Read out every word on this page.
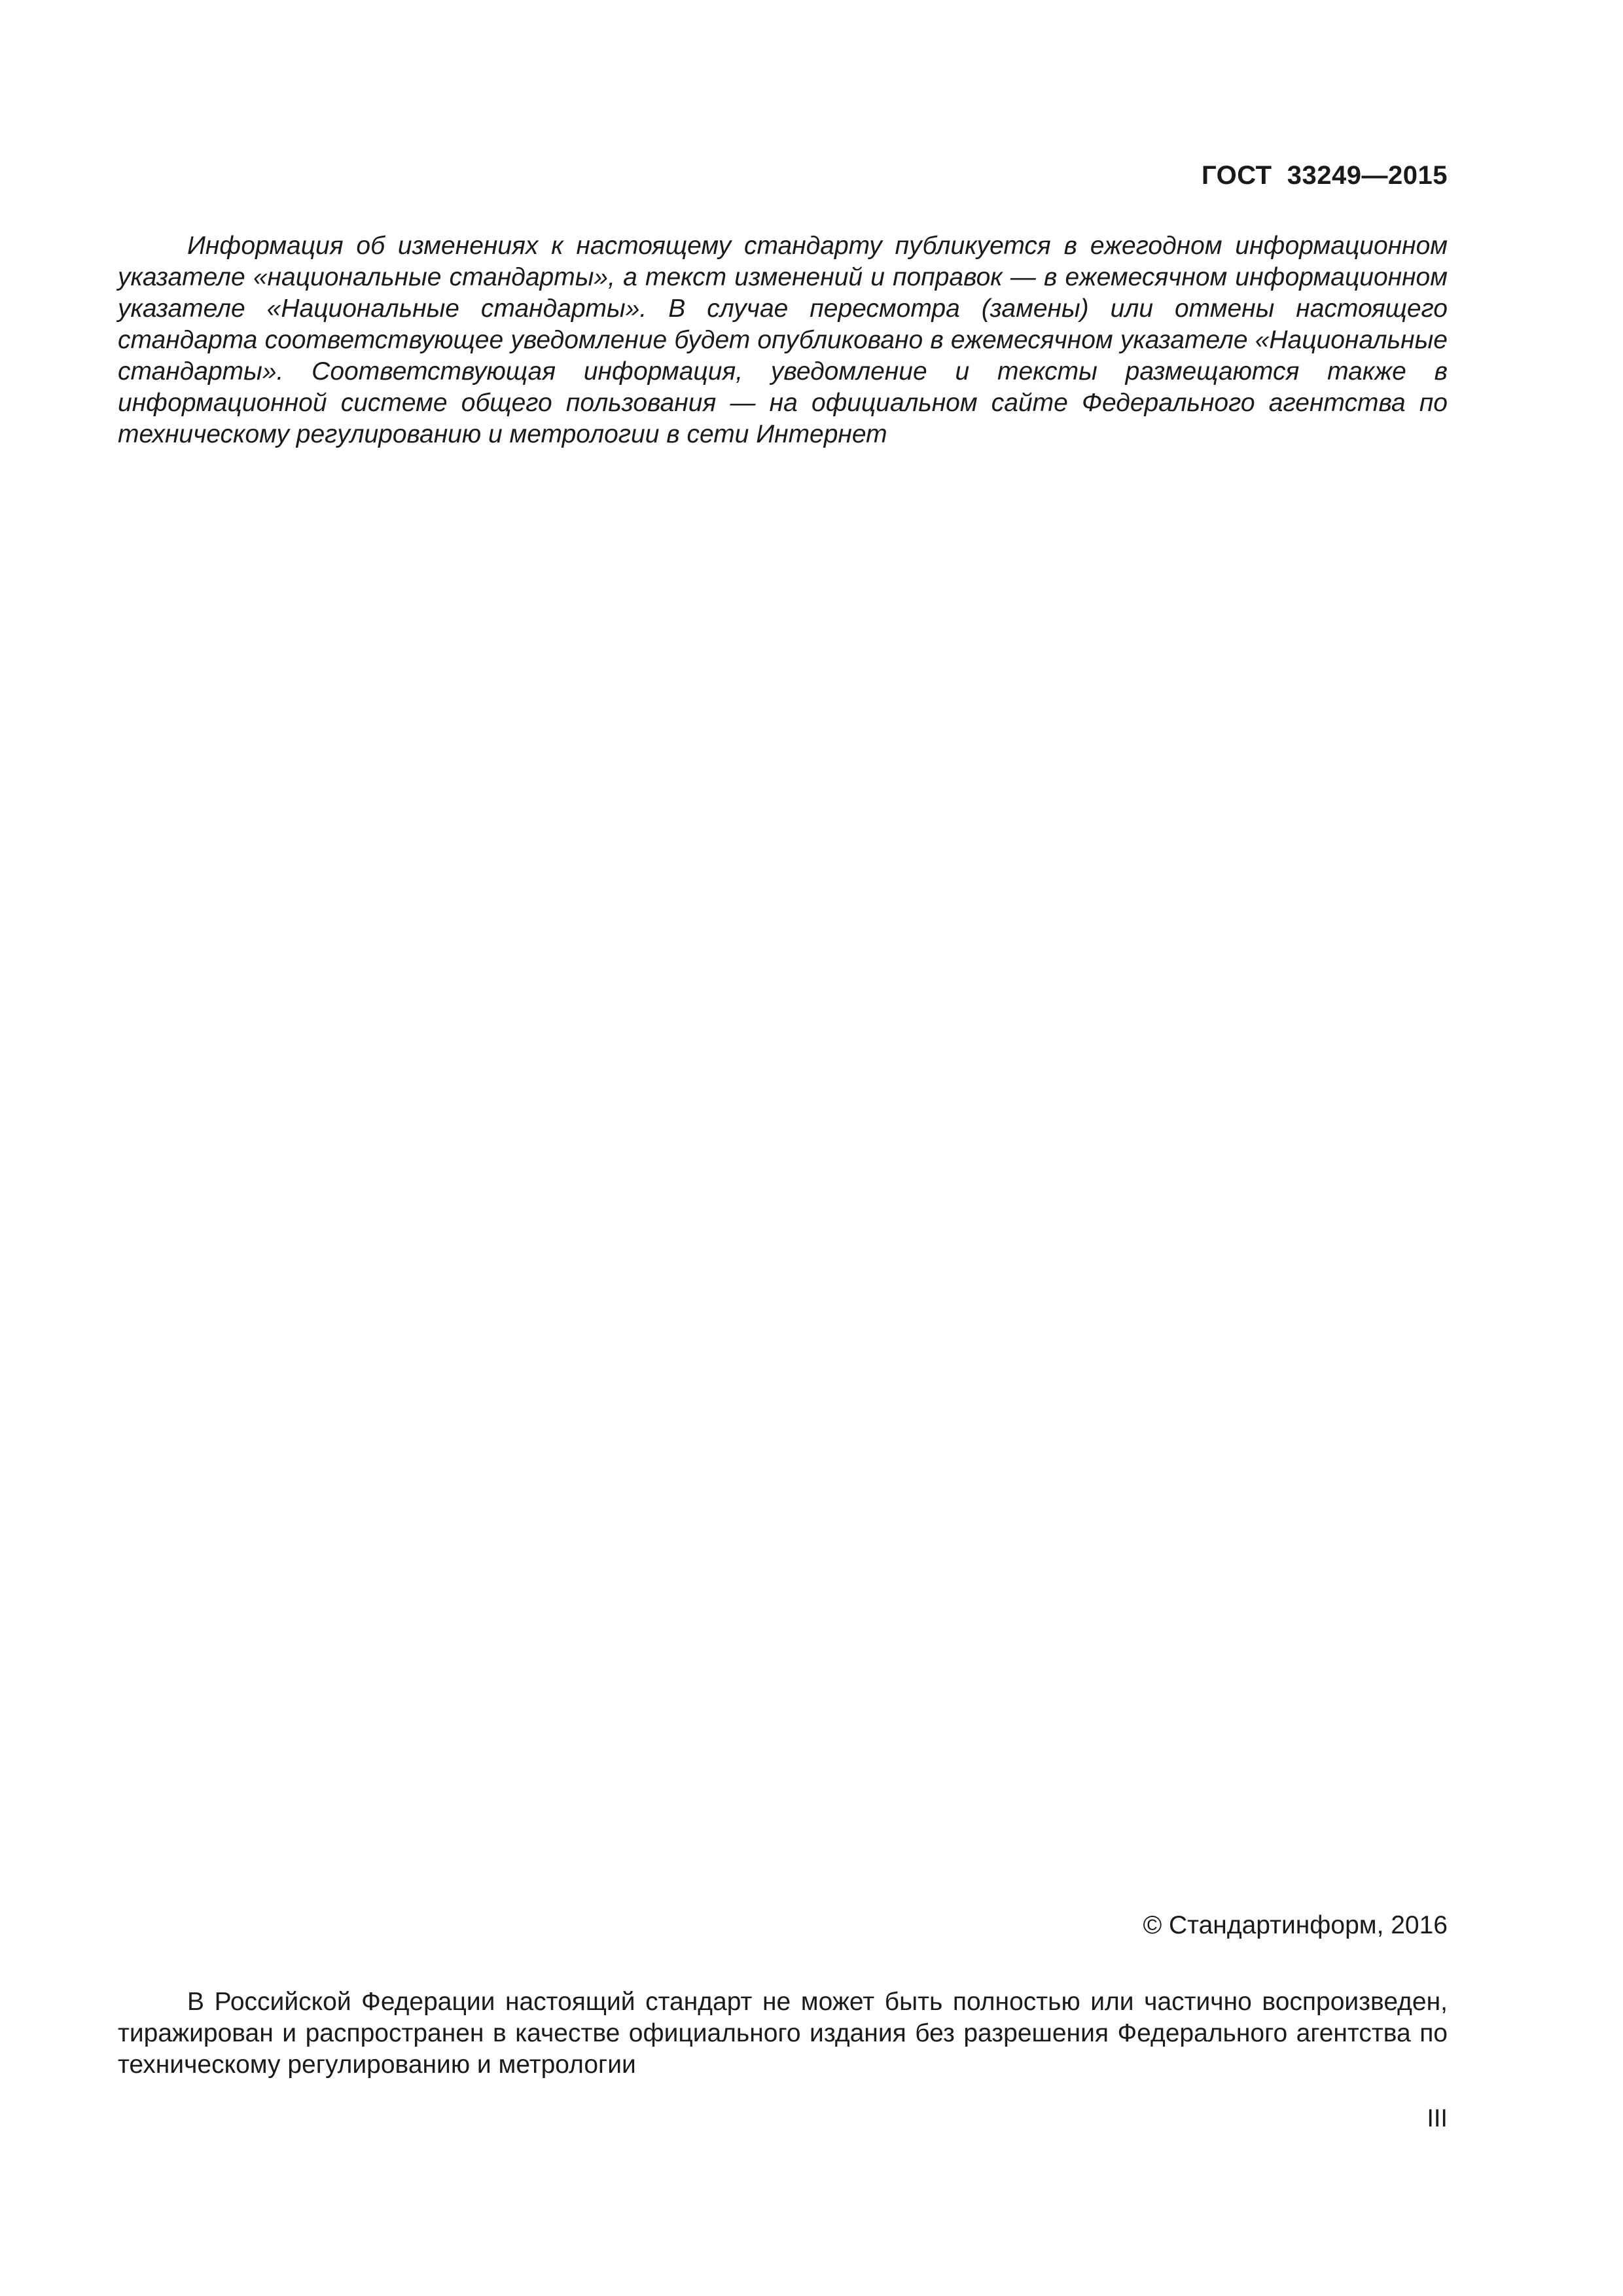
ГОСТ  33249—2015

Информация об изменениях к настоящему стандарту публикуется в ежегодном информационном указателе «национальные стандарты», а текст изменений и поправок — в ежемесячном информационном указателе «Национальные стандарты». В случае пересмотра (замены) или отмены настоящего стандарта соответствующее уведомление будет опубликовано в ежемесячном указателе «Национальные стандарты». Соответствующая информация, уведомление и тексты размещаются также в информационной системе общего пользования — на официальном сайте Федерального агентства по техническому регулированию и метрологии в сети Интернет

© Стандартинформ, 2016

В Российской Федерации настоящий стандарт не может быть полностью или частично воспроизведен, тиражирован и распространен в качестве официального издания без разрешения Федерального агентства по техническому регулированию и метрологии

III
